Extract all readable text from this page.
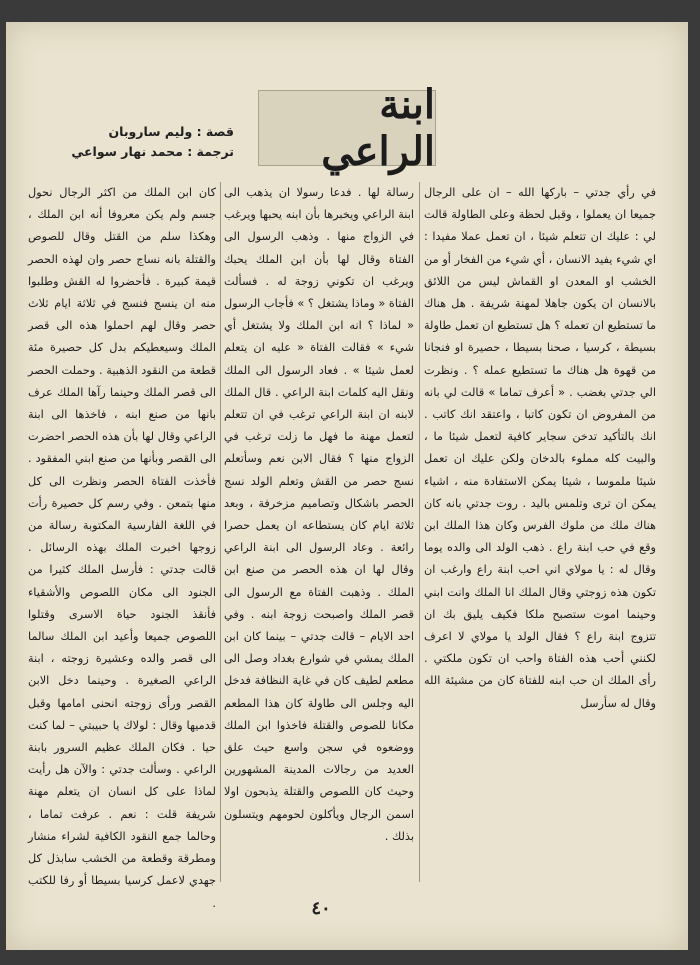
ابنة الراعي
قصة : وليم ساروبان
ترجمة : محمد نهار سواعي

في رأي جدتي – باركها الله – ان على الرجال جميعا ان يعملوا ، وقبل لحظة وعلى الطاولة قالت لي : عليك ان تتعلم شيئا ، ان تعمل عملا مفيدا : اي شيء يفيد الانسان ، أي شيء من الفخار أو من الخشب او المعدن او القماش ليس من اللائق بالانسان ان يكون جاهلا لمهنة شريفة . هل هناك ما تستطيع ان تعمله ؟ هل تستطيع ان تعمل طاولة بسيطة ، كرسيا ، صحنا بسيطا ، حصيرة او فنجانا من قهوة هل هناك ما تستطيع عمله ؟ . ونظرت الي جدتي بغضب . « أعرف تماما » قالت لي بانه من المفروض ان تكون كاتبا ، واعتقد انك كاتب . انك بالتأكيد تدخن سجاير كافية لتعمل شيئا ما ، والبيت كله مملوء بالدخان ولكن عليك ان تعمل شيئا ملموسا ، شيئا يمكن الاستفادة منه ، اشياء يمكن ان ترى وتلمس باليد . روت جدتي بانه كان هناك ملك من ملوك الفرس وكان هذا الملك ابن وقع في حب ابنة راع . ذهب الولد الى والده يوما وقال له : يا مولاي اني احب ابنة راع وارغب ان تكون هذه زوجتي وقال الملك انا الملك وانت ابني وحينما اموت ستصبح ملكا فكيف يليق بك ان تتزوج ابنة راع ؟ فقال الولد يا مولاي لا اعرف لكنني أحب هذه الفتاة واحب ان تكون ملكتي . رأى الملك ان حب ابنه للفتاة كان من مشيئة الله وقال له سأرسل

رسالة لها . فدعا رسولا ان يذهب الى ابنة الراعي ويخبرها بأن ابنه يحبها ويرغب في الزواج منها . وذهب الرسول الى الفتاة وقال لها بأن ابن الملك يحبك ويرغب ان تكوني زوجة له . فسألت الفتاة « وماذا يشتغل ؟ » فأجاب الرسول « لماذا ؟ انه ابن الملك ولا يشتغل أي شيء » فقالت الفتاة « عليه ان يتعلم لعمل شيئا » . فعاد الرسول الى الملك ونقل اليه كلمات ابنة الراعي . قال الملك لابنه ان ابنة الراعي ترغب في ان تتعلم لتعمل مهنة ما فهل ما زلت ترغب في الزواج منها ؟ فقال الابن نعم وسأتعلم نسج حصر من القش وتعلم الولد نسج الحصر باشكال وتصاميم مزخرفة ، وبعد ثلاثة ايام كان يستطاعه ان يعمل حصرا رائعة . وعاد الرسول الى ابنة الراعي وقال لها ان هذه الحصر من صنع ابن الملك . وذهبت الفتاة مع الرسول الى قصر الملك واصبحت زوجة ابنه . وفي احد الايام – قالت جدتي – بينما كان ابن الملك يمشي في شوارع بغداد وصل الى مطعم لطيف كان في غاية النظافة فدخل اليه وجلس الى طاولة كان هذا المطعم مكانا للصوص والقتلة فاخذوا ابن الملك ووضعوه في سجن واسع حيث علق العديد من رجالات المدينة المشهورين وحيث كان اللصوص والقتلة يذبحون اولا اسمن الرجال ويأكلون لحومهم ويتسلون بذلك .

كان ابن الملك من اكثر الرجال نحول جسم ولم يكن معروفا أنه ابن الملك ، وهكذا سلم من القتل وقال للصوص والقتلة بانه نساج حصر وان لهذه الحصر قيمة كبيرة . فأحضروا له القش وطلبوا منه ان ينسج فنسج في ثلاثة ايام ثلاث حصر وقال لهم احملوا هذه الى قصر الملك وسيعطيكم بدل كل حصيرة مئة قطعة من النقود الذهبية . وحملت الحصر الى قصر الملك وحينما رآها الملك عرف بانها من صنع ابنه ، فاخذها الى ابنة الراعي وقال لها بأن هذه الحصر احضرت الى القصر وبأنها من صنع ابني المفقود . فأخذت الفتاة الحصر ونظرت الى كل منها بتمعن . وفي رسم كل حصيرة رأت في اللغة الفارسية المكتوبة رسالة من زوجها اخبرت الملك بهذه الرسائل . قالت جدتي : فأرسل الملك كثيرا من الجنود الى مكان اللصوص والأشقياء فأنقذ الجنود حياة الاسرى وقتلوا اللصوص جميعا وأعيد ابن الملك سالما الى قصر والده وعشيرة زوجته ، ابنة الراعي الصغيرة . وحينما دخل الابن القصر ورأى زوجته انحنى امامها وقبل قدميها وقال : لولاك يا حبيبتي – لما كنت حيا . فكان الملك عظيم السرور بابنة الراعي . وسألت جدتي : والآن هل رأيت لماذا على كل انسان ان يتعلم مهنة شريفة قلت : نعم . عرفت تماما ، وحالما جمع النقود الكافية لشراء منشار ومطرقة وقطعة من الخشب سابذل كل جهدي لاعمل كرسيا بسيطا أو رفا للكتب .	٤٠
